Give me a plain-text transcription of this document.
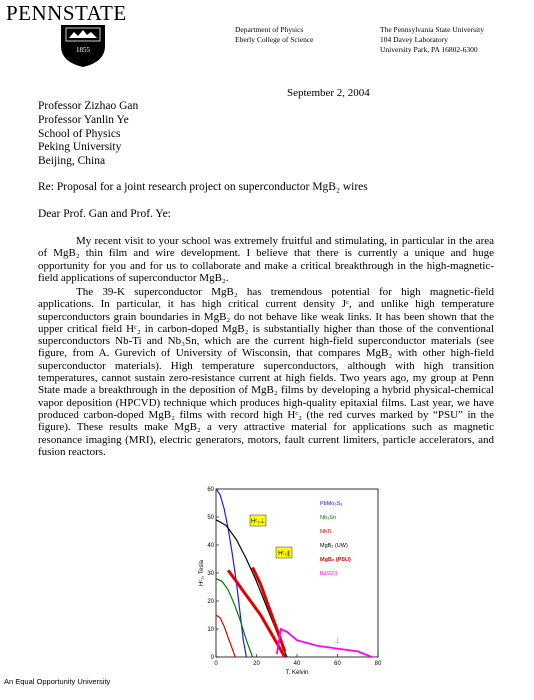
PENNSTATE
1855
Department of Physics
Eberly College of Science
The Pennsylvania State University
104 Davey Laboratory
University Park, PA 16802-6300
September 2, 2004
Professor Zizhao Gan
Professor Yanlin Ye
School of Physics
Peking University
Beijing, China
Re: Proposal for a joint research project on superconductor MgB₂ wires
Dear Prof. Gan and Prof. Ye:

My recent visit to your school was extremely fruitful and stimulating, in particular in the area of MgB₂ thin film and wire development. I believe that there is currently a unique and huge opportunity for you and for us to collaborate and make a critical breakthrough in the high-magnetic-field applications of superconductor MgB₂.

The 39-K superconductor MgB₂ has tremendous potential for high magnetic-field applications. In particular, it has high critical current density Jᶜ, and unlike high temperature superconductors grain boundaries in MgB₂ do not behave like weak links. It has been shown that the upper critical field Hᶜ₂ in carbon-doped MgB₂ is substantially higher than those of the conventional superconductors Nb-Ti and Nb₃Sn, which are the current high-field superconductor materials (see figure, from A. Gurevich of University of Wisconsin, that compares MgB₂ with other high-field superconductor materials). High temperature superconductors, although with high transition temperatures, cannot sustain zero-resistance current at high fields. Two years ago, my group at Penn State made a breakthrough in the deposition of MgB₂ films by developing a hybrid physical-chemical vapor deposition (HPCVD) technique which produces high-quality epitaxial films. Last year, we have produced carbon-doped MgB₂ films with record high Hᶜ₂ (the red curves marked by “PSU” in the figure). These results make MgB₂ a very attractive material for applications such as magnetic resonance imaging (MRI), electric generators, motors, fault current limiters, particle accelerators, and fusion reactors.

0	20	40	60	80
0
10
20
30
40
50
60
T, Kelvin
Hᶜ₂, Tesla
PbMo₆S₈
Nb₃Sn
NbTi
MgB₂ (UW)
MgB₂ (PSU)
Bi2223
Hᶜ₂⊥
Hᶜ₂∥
⊥
An Equal Opportunity University
